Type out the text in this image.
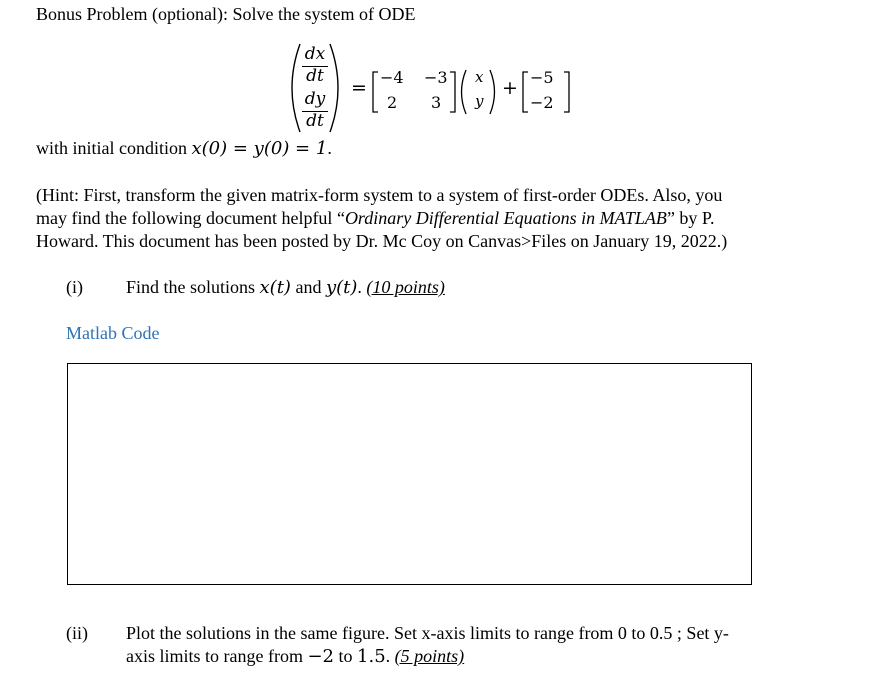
Bonus Problem (optional): Solve the system of ODE
dx
dt
dy
dt
= −4 −3
2 3
x
y
+ −5
−2
with initial condition x(0) = y(0) = 1.
(Hint: First, transform the given matrix-form system to a system of first-order ODEs. Also, you
may find the following document helpful “Ordinary Differential Equations in MATLAB” by P.
Howard. This document has been posted by Dr. Mc Coy on Canvas>Files on January 19, 2022.)
(i) Find the solutions x(t) and y(t). (10 points)
Matlab Code
(ii) Plot the solutions in the same figure. Set x-axis limits to range from 0 to 0.5 ; Set y-
axis limits to range from −2 to 1.5. (5 points)
